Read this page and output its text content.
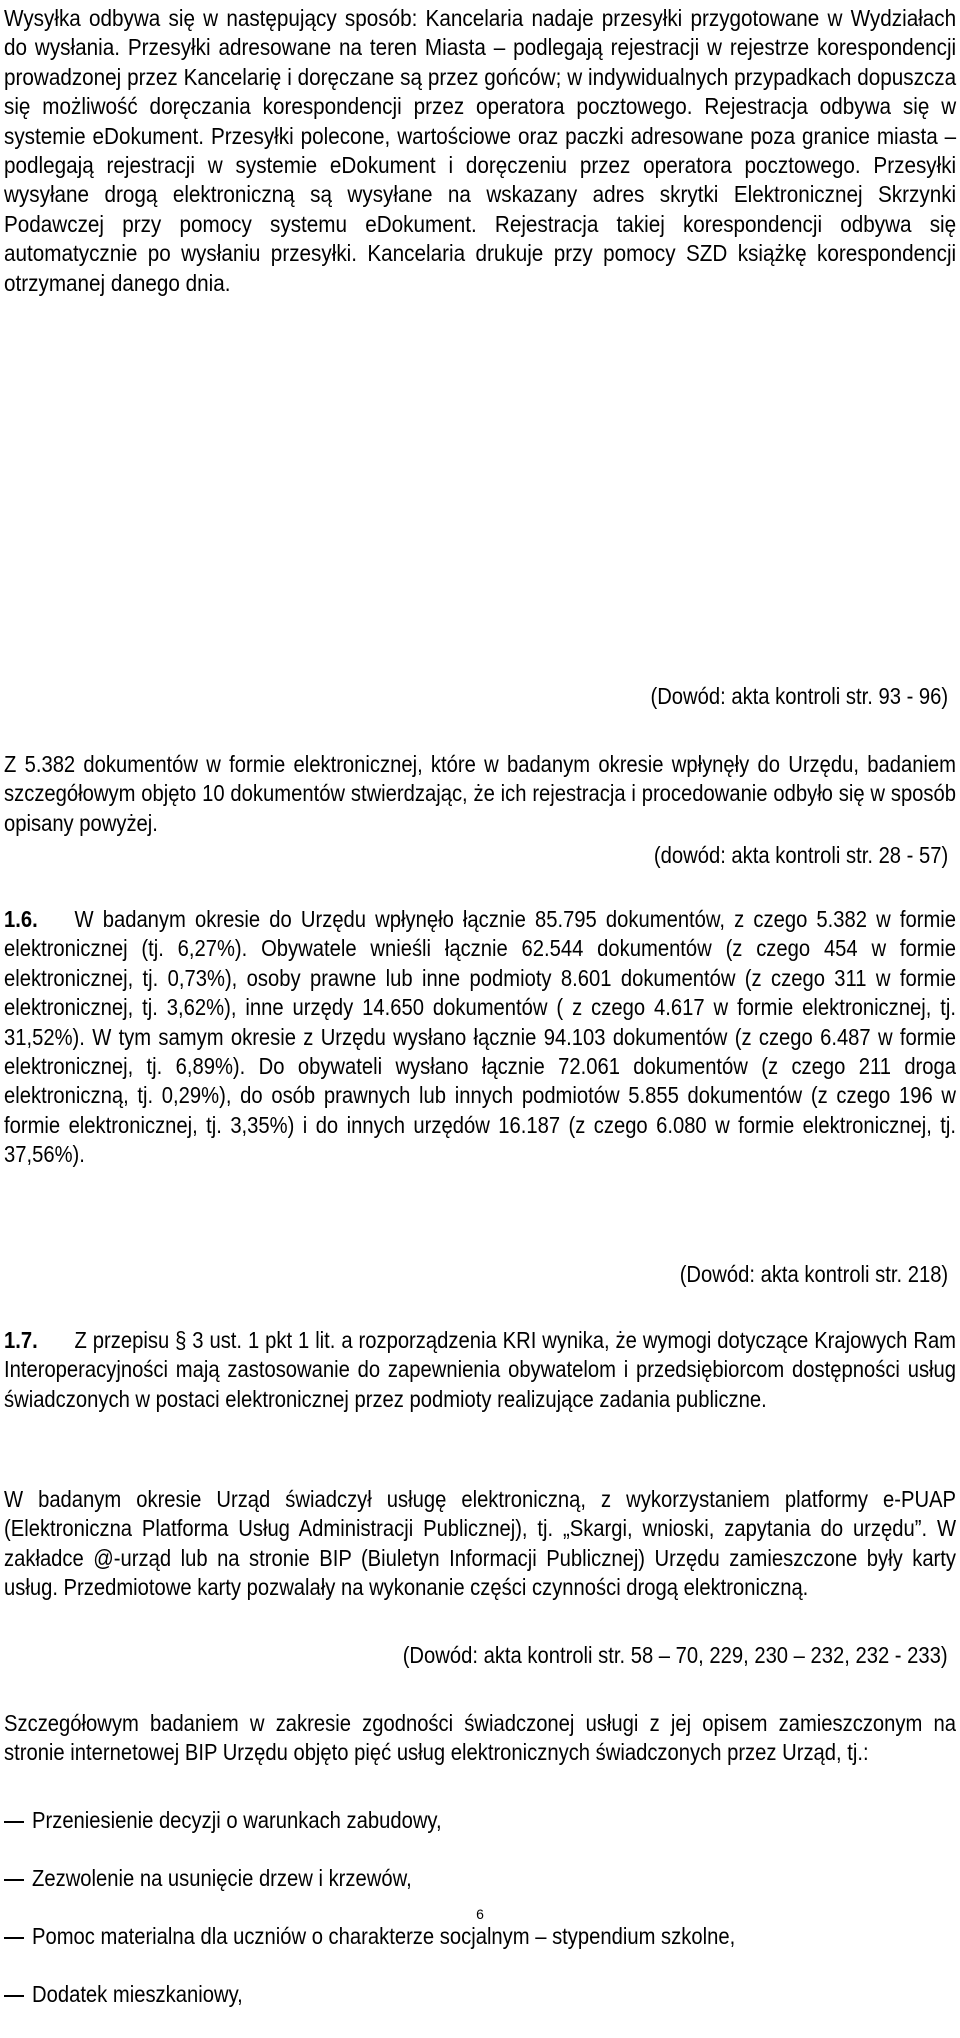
Wysyłka odbywa się w następujący sposób: Kancelaria nadaje przesyłki przygotowane w Wydziałach do wysłania. Przesyłki adresowane na teren Miasta – podlegają rejestracji w rejestrze korespondencji prowadzonej przez Kancelarię i doręczane są przez gońców; w indywidualnych przypadkach dopuszcza się możliwość doręczania korespondencji przez operatora pocztowego. Rejestracja odbywa się w systemie eDokument. Przesyłki polecone, wartościowe oraz paczki adresowane poza granice miasta – podlegają rejestracji w systemie eDokument i doręczeniu przez operatora pocztowego. Przesyłki wysyłane drogą elektroniczną są wysyłane na wskazany adres skrytki Elektronicznej Skrzynki Podawczej przy pomocy systemu eDokument. Rejestracja takiej korespondencji odbywa się automatycznie po wysłaniu przesyłki. Kancelaria drukuje przy pomocy SZD książkę korespondencji otrzymanej danego dnia.

(Dowód: akta kontroli str. 93 - 96)

Z 5.382 dokumentów w formie elektronicznej, które w badanym okresie wpłynęły do Urzędu, badaniem szczegółowym objęto 10 dokumentów stwierdzając, że ich rejestracja i procedowanie odbyło się w sposób opisany powyżej.

(dowód: akta kontroli str. 28 - 57)

1.6. W badanym okresie do Urzędu wpłynęło łącznie 85.795 dokumentów, z czego 5.382 w formie elektronicznej (tj. 6,27%). Obywatele wnieśli łącznie 62.544 dokumentów (z czego 454 w formie elektronicznej, tj. 0,73%), osoby prawne lub inne podmioty 8.601 dokumentów (z czego 311 w formie elektronicznej, tj. 3,62%), inne urzędy 14.650 dokumentów ( z czego 4.617 w formie elektronicznej, tj. 31,52%). W tym samym okresie z Urzędu wysłano łącznie 94.103 dokumentów (z czego 6.487 w formie elektronicznej, tj. 6,89%). Do obywateli wysłano łącznie 72.061 dokumentów (z czego 211 droga elektroniczną, tj. 0,29%), do osób prawnych lub innych podmiotów 5.855 dokumentów (z czego 196 w formie elektronicznej, tj. 3,35%) i do innych urzędów 16.187 (z czego 6.080 w formie elektronicznej, tj. 37,56%).

(Dowód: akta kontroli str. 218)

1.7. Z przepisu § 3 ust. 1 pkt 1 lit. a rozporządzenia KRI wynika, że wymogi dotyczące Krajowych Ram Interoperacyjności mają zastosowanie do zapewnienia obywatelom i przedsiębiorcom dostępności usług świadczonych w postaci elektronicznej przez podmioty realizujące zadania publiczne.

W badanym okresie Urząd świadczył usługę elektroniczną, z wykorzystaniem platformy e-PUAP (Elektroniczna Platforma Usług Administracji Publicznej), tj. „Skargi, wnioski, zapytania do urzędu”. W zakładce @-urząd lub na stronie BIP (Biuletyn Informacji Publicznej) Urzędu zamieszczone były karty usług. Przedmiotowe karty pozwalały na wykonanie części czynności drogą elektroniczną.

(Dowód: akta kontroli str. 58 – 70, 229, 230 – 232, 232 - 233)

Szczegółowym badaniem w zakresie zgodności świadczonej usługi z jej opisem zamieszczonym na stronie internetowej BIP Urzędu objęto pięć usług elektronicznych świadczonych przez Urząd, tj.:

Przeniesienie decyzji o warunkach zabudowy,
Zezwolenie na usunięcie drzew i krzewów,
Pomoc materialna dla uczniów o charakterze socjalnym – stypendium szkolne,
Dodatek mieszkaniowy,
6
